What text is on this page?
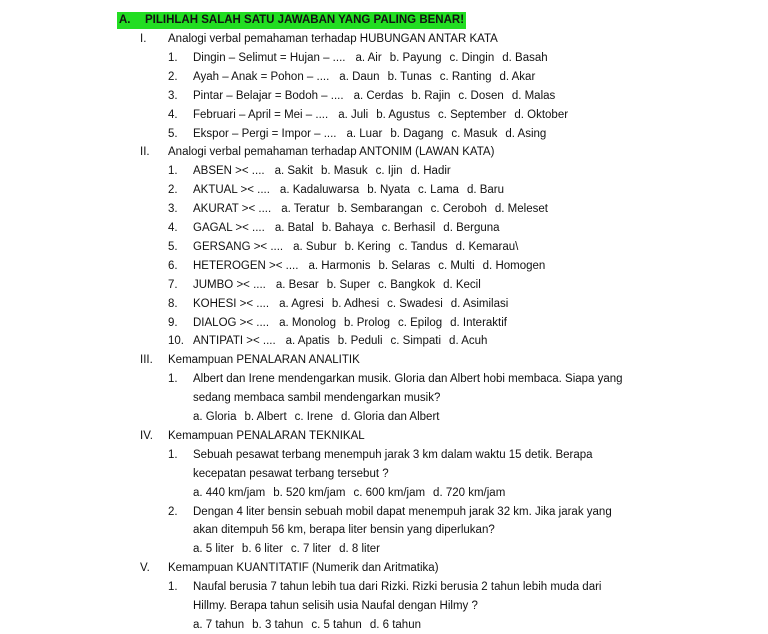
A. PILIHLAH SALAH SATU JAWABAN YANG PALING BENAR!
I.	Analogi verbal pemahaman terhadap HUBUNGAN ANTAR KATA
1.	Dingin – Selimut = Hujan – .... a. Air b. Payung c. Dingin d. Basah
2.	Ayah – Anak = Pohon – .... a. Daun b. Tunas c. Ranting d. Akar
3.	Pintar – Belajar = Bodoh – .... a. Cerdas b. Rajin c. Dosen d. Malas
4.	Februari – April = Mei – .... a. Juli b. Agustus c. September d. Oktober
5.	Ekspor – Pergi = Impor – .... a. Luar b. Dagang c. Masuk d. Asing
II.	Analogi verbal pemahaman terhadap ANTONIM (LAWAN KATA)
1.	ABSEN >< .... a. Sakit b. Masuk c. Ijin d. Hadir
2.	AKTUAL >< .... a. Kadaluwarsa b. Nyata c. Lama d. Baru
3.	AKURAT >< .... a. Teratur b. Sembarangan c. Ceroboh d. Meleset
4.	GAGAL >< .... a. Batal b. Bahaya c. Berhasil d. Berguna
5.	GERSANG >< .... a. Subur b. Kering c. Tandus d. Kemarau\
6.	HETEROGEN >< .... a. Harmonis b. Selaras c. Multi d. Homogen
7.	JUMBO >< .... a. Besar b. Super c. Bangkok d. Kecil
8.	KOHESI >< .... a. Agresi b. Adhesi c. Swadesi d. Asimilasi
9.	DIALOG >< .... a. Monolog b. Prolog c. Epilog d. Interaktif
10. ANTIPATI >< .... a. Apatis b. Peduli c. Simpati d. Acuh
III.	Kemampuan PENALARAN ANALITIK
1.	Albert dan Irene mendengarkan musik. Gloria dan Albert hobi membaca. Siapa yang
sedang membaca sambil mendengarkan musik?
a. Gloria b. Albert c. Irene d. Gloria dan Albert
IV.	Kemampuan PENALARAN TEKNIKAL
1.	Sebuah pesawat terbang menempuh jarak 3 km dalam waktu 15 detik. Berapa
kecepatan pesawat terbang tersebut ?
a. 440 km/jam b. 520 km/jam c. 600 km/jam d. 720 km/jam
2.	Dengan 4 liter bensin sebuah mobil dapat menempuh jarak 32 km. Jika jarak yang
akan ditempuh 56 km, berapa liter bensin yang diperlukan?
a. 5 liter b. 6 liter c. 7 liter d. 8 liter
V.	Kemampuan KUANTITATIF (Numerik dan Aritmatika)
1.	Naufal berusia 7 tahun lebih tua dari Rizki. Rizki berusia 2 tahun lebih muda dari
Hillmy. Berapa tahun selisih usia Naufal dengan Hilmy ?
a. 7 tahun b. 3 tahun c. 5 tahun d. 6 tahun
